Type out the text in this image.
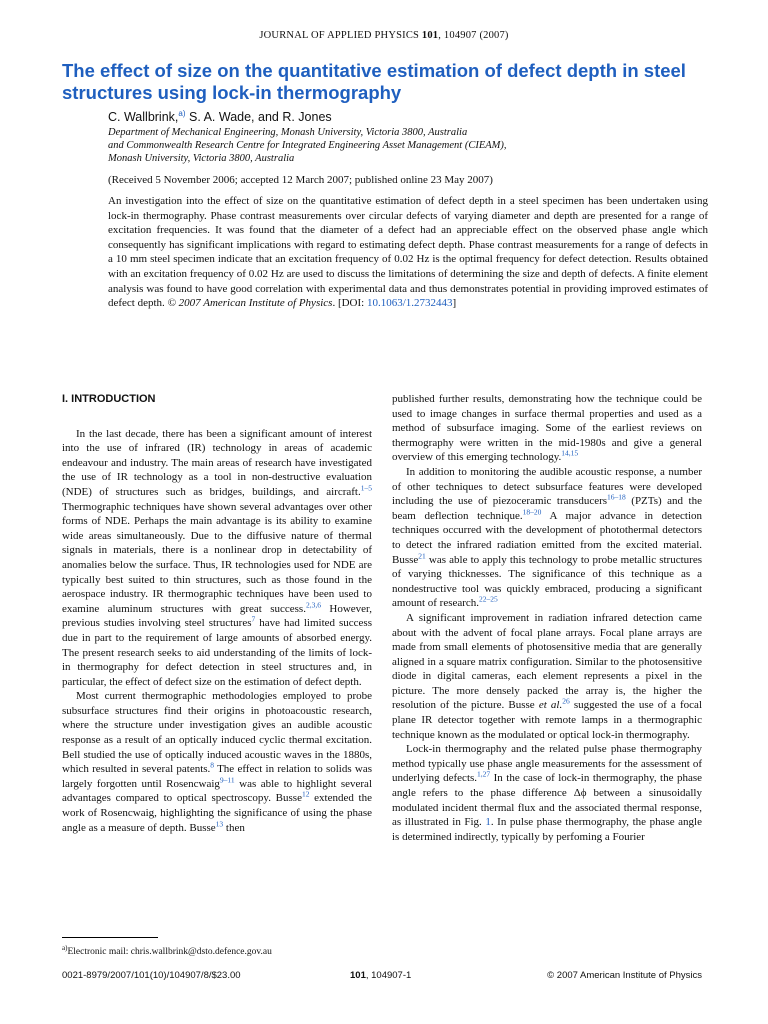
JOURNAL OF APPLIED PHYSICS 101, 104907 (2007)
The effect of size on the quantitative estimation of defect depth in steel structures using lock-in thermography
C. Wallbrink,$^{a)}$ S. A. Wade, and R. Jones
Department of Mechanical Engineering, Monash University, Victoria 3800, Australia
and Commonwealth Research Centre for Integrated Engineering Asset Management (CIEAM),
Monash University, Victoria 3800, Australia
(Received 5 November 2006; accepted 12 March 2007; published online 23 May 2007)

An investigation into the effect of size on the quantitative estimation of defect depth in a steel specimen has been undertaken using lock-in thermography. Phase contrast measurements over circular defects of varying diameter and depth are presented for a range of excitation frequencies. It was found that the diameter of a defect had an appreciable effect on the observed phase angle which consequently has significant implications with regard to estimating defect depth. Phase contrast measurements for a range of defects in a 10 mm steel specimen indicate that an excitation frequency of 0.02 Hz is the optimal frequency for defect detection. Results obtained with an excitation frequency of 0.02 Hz are used to discuss the limitations of determining the size and depth of defects. A finite element analysis was found to have good correlation with experimental data and thus demonstrates potential in providing improved estimates of defect depth. © 2007 American Institute of Physics. [DOI: 10.1063/1.2732443]

I. INTRODUCTION

In the last decade, there has been a significant amount of interest into the use of infrared (IR) technology in areas of academic endeavour and industry. The main areas of research have investigated the use of IR technology as a tool in non-destructive evaluation (NDE) of structures such as bridges, buildings, and aircraft.$^{1-5}$ Thermographic techniques have shown several advantages over other forms of NDE. Perhaps the main advantage is its ability to examine wide areas simultaneously. Due to the diffusive nature of thermal signals in materials, there is a nonlinear drop in detectability of anomalies below the surface. Thus, IR technologies used for NDE are typically best suited to thin structures, such as those found in the aerospace industry. IR thermographic techniques have been used to examine aluminum structures with great success.$^{2,3,6}$ However, previous studies involving steel structures$^7$ have had limited success due in part to the requirement of large amounts of absorbed energy. The present research seeks to aid understanding of the limits of lock-in thermography for defect detection in steel structures and, in particular, the effect of defect size on the estimation of defect depth.

Most current thermographic methodologies employed to probe subsurface structures find their origins in photoacoustic research, where the structure under investigation gives an audible acoustic response as a result of an optically induced cyclic thermal excitation. Bell studied the use of optically induced acoustic waves in the 1880s, which resulted in several patents.$^8$ The effect in relation to solids was largely forgotten until Rosencwaig$^{9-11}$ was able to highlight several advantages compared to optical spectroscopy. Busse$^{12}$ extended the work of Rosencwaig, highlighting the significance of using the phase angle as a measure of depth. Busse$^{13}$ then

published further results, demonstrating how the technique could be used to image changes in surface thermal properties and used as a method of subsurface imaging. Some of the earliest reviews on thermography were written in the mid-1980s and give a general overview of this emerging technology.$^{14,15}$

In addition to monitoring the audible acoustic response, a number of other techniques to detect subsurface features were developed including the use of piezoceramic transducers$^{16-18}$ (PZTs) and the beam deflection technique.$^{18-20}$ A major advance in detection techniques occurred with the development of photothermal detectors to detect the infrared radiation emitted from the excited material. Busse$^{21}$ was able to apply this technology to probe metallic structures of varying thicknesses. The significance of this technique as a nondestructive tool was quickly embraced, producing a significant amount of research.$^{22-25}$

A significant improvement in radiation infrared detection came about with the advent of focal plane arrays. Focal plane arrays are made from small elements of photosensitive media that are generally aligned in a square matrix configuration. Similar to the photosensitive diode in digital cameras, each element represents a pixel in the picture. The more densely packed the array is, the higher the resolution of the picture. Busse et al.$^{26}$ suggested the use of a focal plane IR detector together with remote lamps in a thermographic technique known as the modulated or optical lock-in thermography.

Lock-in thermography and the related pulse phase thermography method typically use phase angle measurements for the assessment of underlying defects.$^{1,27}$ In the case of lock-in thermography, the phase angle refers to the phase difference Δϕ between a sinusoidally modulated incident thermal flux and the associated thermal response, as illustrated in Fig. 1. In pulse phase thermography, the phase angle is determined indirectly, typically by perfoming a Fourier

$^{a)}$Electronic mail: chris.wallbrink@dsto.defence.gov.au
0021-8979/2007/101(10)/104907/8/$23.00	101, 104907-1	© 2007 American Institute of Physics
